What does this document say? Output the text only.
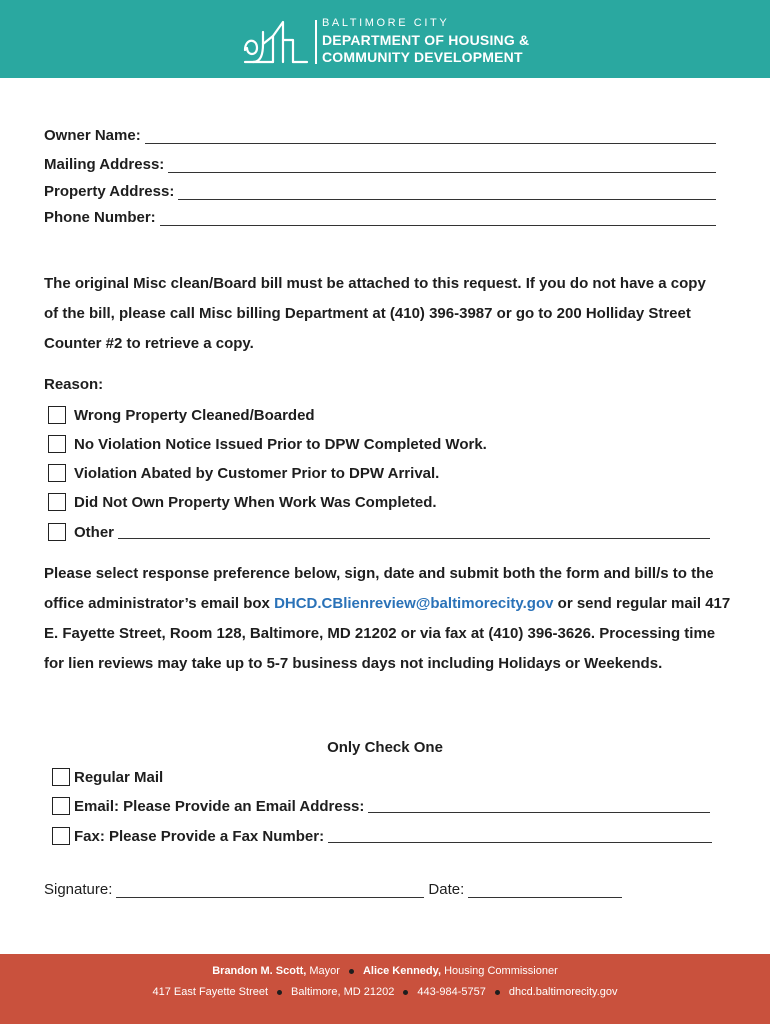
BALTIMORE CITY
DEPARTMENT OF HOUSING &
COMMUNITY DEVELOPMENT
Owner Name:
Mailing Address:
Property Address:
Phone Number:
The original Misc clean/Board bill must be attached to this request. If you do not have a copy of the bill, please call Misc billing Department at (410) 396-3987 or go to 200 Holliday Street Counter #2 to retrieve a copy.
Reason:
Wrong Property Cleaned/Boarded
No Violation Notice Issued Prior to DPW Completed Work.
Violation Abated by Customer Prior to DPW Arrival.
Did Not Own Property When Work Was Completed.
Other
Please select response preference below, sign, date and submit both the form and bill/s to the office administrator’s email box DHCD.CBlienreview@baltimorecity.gov or send regular mail 417 E. Fayette Street, Room 128, Baltimore, MD 21202 or via fax at (410) 396-3626. Processing time for lien reviews may take up to 5-7 business days not including Holidays or Weekends.
Only Check One
Regular Mail
Email: Please Provide an Email Address:
Fax: Please Provide a Fax Number:
Signature:	Date:
Brandon M. Scott,
Mayor Alice Kennedy,
Housing Commissioner
417 East Fayette Street Baltimore, MD 21202 443-984-5757 dhcd.baltimorecity.gov
